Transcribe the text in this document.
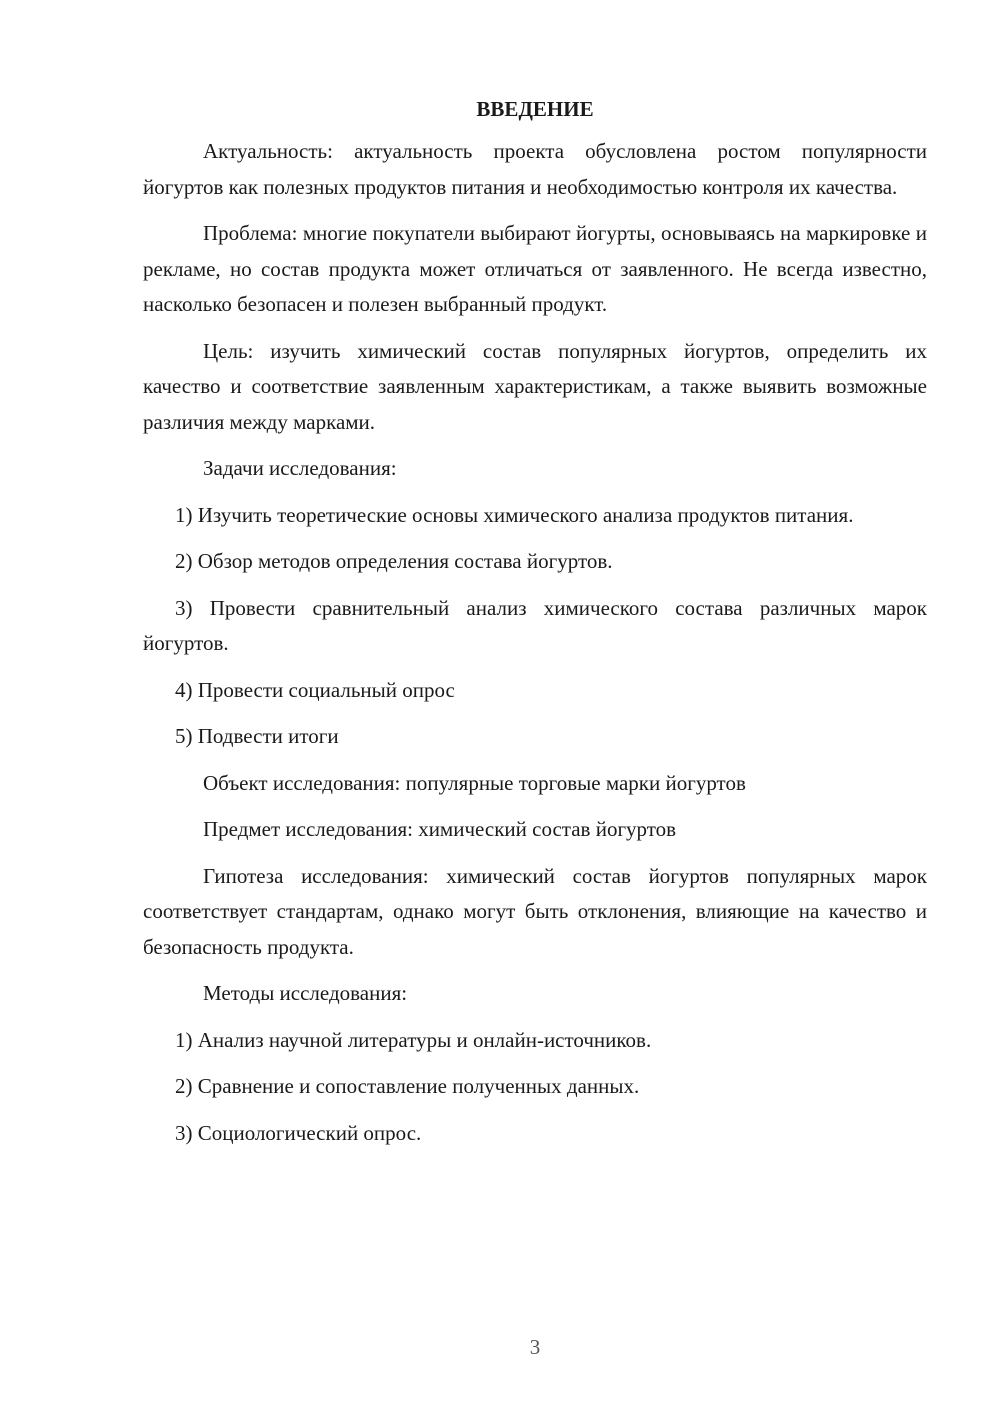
ВВЕДЕНИЕ

Актуальность: актуальность проекта обусловлена ростом популярности йогуртов как полезных продуктов питания и необходимостью контроля их качества.

Проблема: многие покупатели выбирают йогурты, основываясь на маркировке и рекламе, но состав продукта может отличаться от заявленного. Не всегда известно, насколько безопасен и полезен выбранный продукт.

Цель: изучить химический состав популярных йогуртов, определить их качество и соответствие заявленным характеристикам, а также выявить возможные различия между марками.

Задачи исследования:

1) Изучить теоретические основы химического анализа продуктов питания.

2) Обзор методов определения состава йогуртов.

3) Провести сравнительный анализ химического состава различных марок йогуртов.

4) Провести социальный опрос

5) Подвести итоги

Объект исследования: популярные торговые марки йогуртов

Предмет исследования: химический состав йогуртов

Гипотеза исследования: химический состав йогуртов популярных марок соответствует стандартам, однако могут быть отклонения, влияющие на качество и безопасность продукта.

Методы исследования:

1) Анализ научной литературы и онлайн-источников.

2) Сравнение и сопоставление полученных данных.

3) Социологический опрос.

3
